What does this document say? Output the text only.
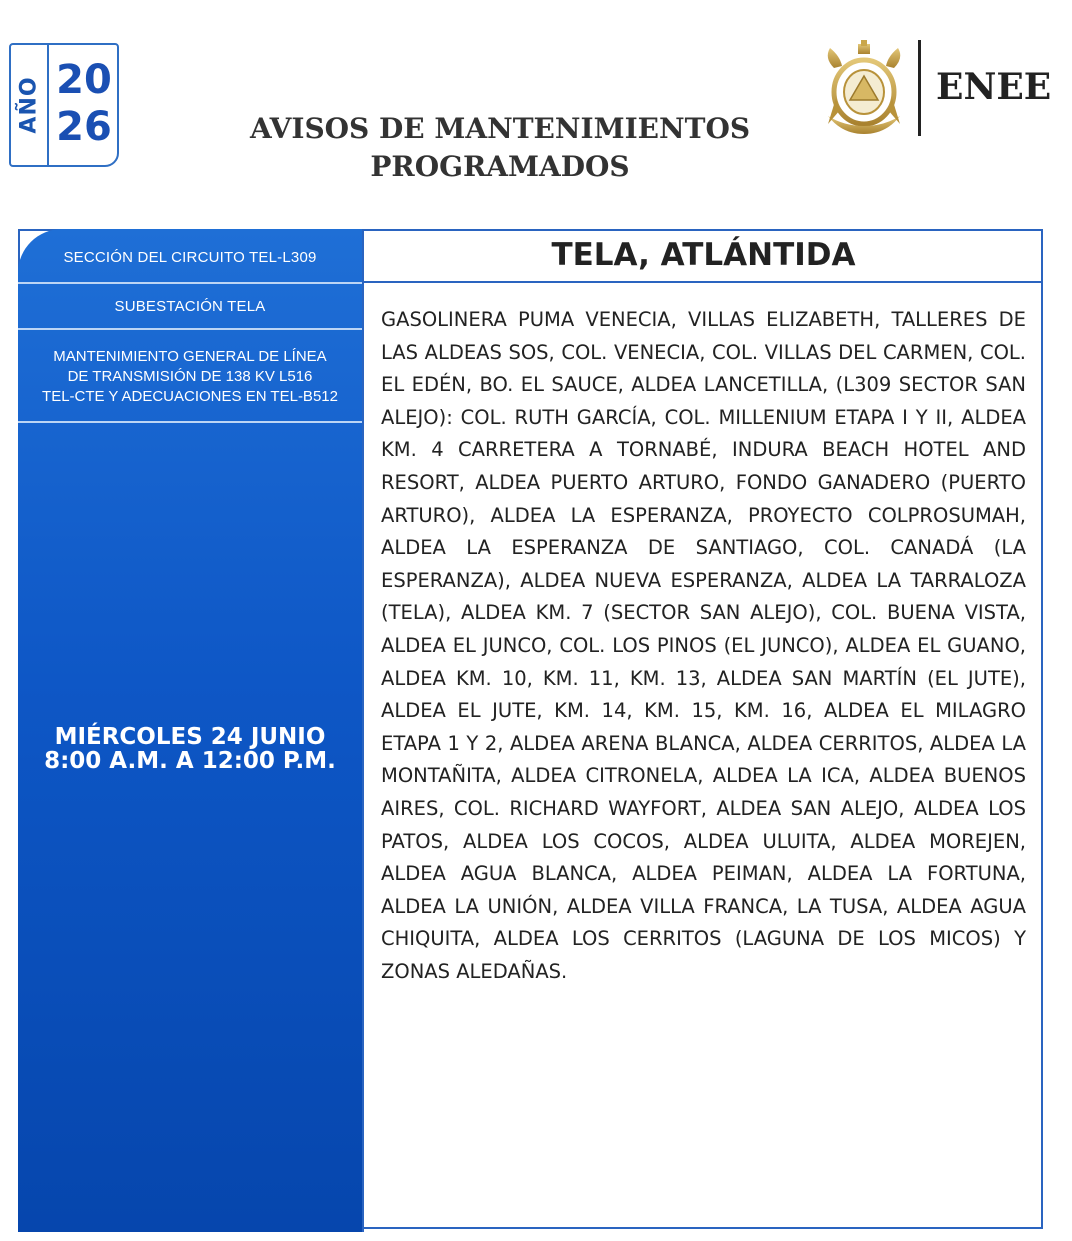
AÑO 20
26	AVISOS DE MANTENIMIENTOS
PROGRAMADOS
ENEE
SECCIÓN DEL CIRCUITO TEL-L309
SUBESTACIÓN TELA
MANTENIMIENTO GENERAL DE LÍNEA
DE TRANSMISIÓN DE 138 KV L516
TEL-CTE Y ADECUACIONES EN TEL-B512
MIÉRCOLES 24 JUNIO
8:00 A.M. A 12:00 P.M.
TELA, ATLÁNTIDA

GASOLINERA PUMA VENECIA, VILLAS ELIZABETH, TALLERES DE LAS ALDEAS SOS, COL. VENECIA, COL. VILLAS DEL CARMEN, COL. EL EDÉN, BO. EL SAUCE, ALDEA LANCETILLA, (L309 SECTOR SAN ALEJO): COL. RUTH GARCÍA, COL. MILLENIUM ETAPA I Y II, ALDEA KM. 4 CARRETERA A TORNABÉ, INDURA BEACH HOTEL AND RESORT, ALDEA PUERTO ARTURO, FONDO GANADERO (PUERTO ARTURO), ALDEA LA ESPERANZA, PROYECTO COLPROSUMAH, ALDEA LA ESPERANZA DE SANTIAGO, COL. CANADÁ (LA ESPERANZA), ALDEA NUEVA ESPERANZA, ALDEA LA TARRALOZA (TELA), ALDEA KM. 7 (SECTOR SAN ALEJO), COL. BUENA VISTA, ALDEA EL JUNCO, COL. LOS PINOS (EL JUNCO), ALDEA EL GUANO, ALDEA KM. 10, KM. 11, KM. 13, ALDEA SAN MARTÍN (EL JUTE), ALDEA EL JUTE, KM. 14, KM. 15, KM. 16, ALDEA EL MILAGRO ETAPA 1 Y 2, ALDEA ARENA BLANCA, ALDEA CERRITOS, ALDEA LA MONTAÑITA, ALDEA CITRONELA, ALDEA LA ICA, ALDEA BUENOS AIRES, COL. RICHARD WAYFORT, ALDEA SAN ALEJO, ALDEA LOS PATOS, ALDEA LOS COCOS, ALDEA ULUITA, ALDEA MOREJEN, ALDEA AGUA BLANCA, ALDEA PEIMAN, ALDEA LA FORTUNA, ALDEA LA UNIÓN, ALDEA VILLA FRANCA, LA TUSA, ALDEA AGUA CHIQUITA, ALDEA LOS CERRITOS (LAGUNA DE LOS MICOS) Y ZONAS ALEDAÑAS.
